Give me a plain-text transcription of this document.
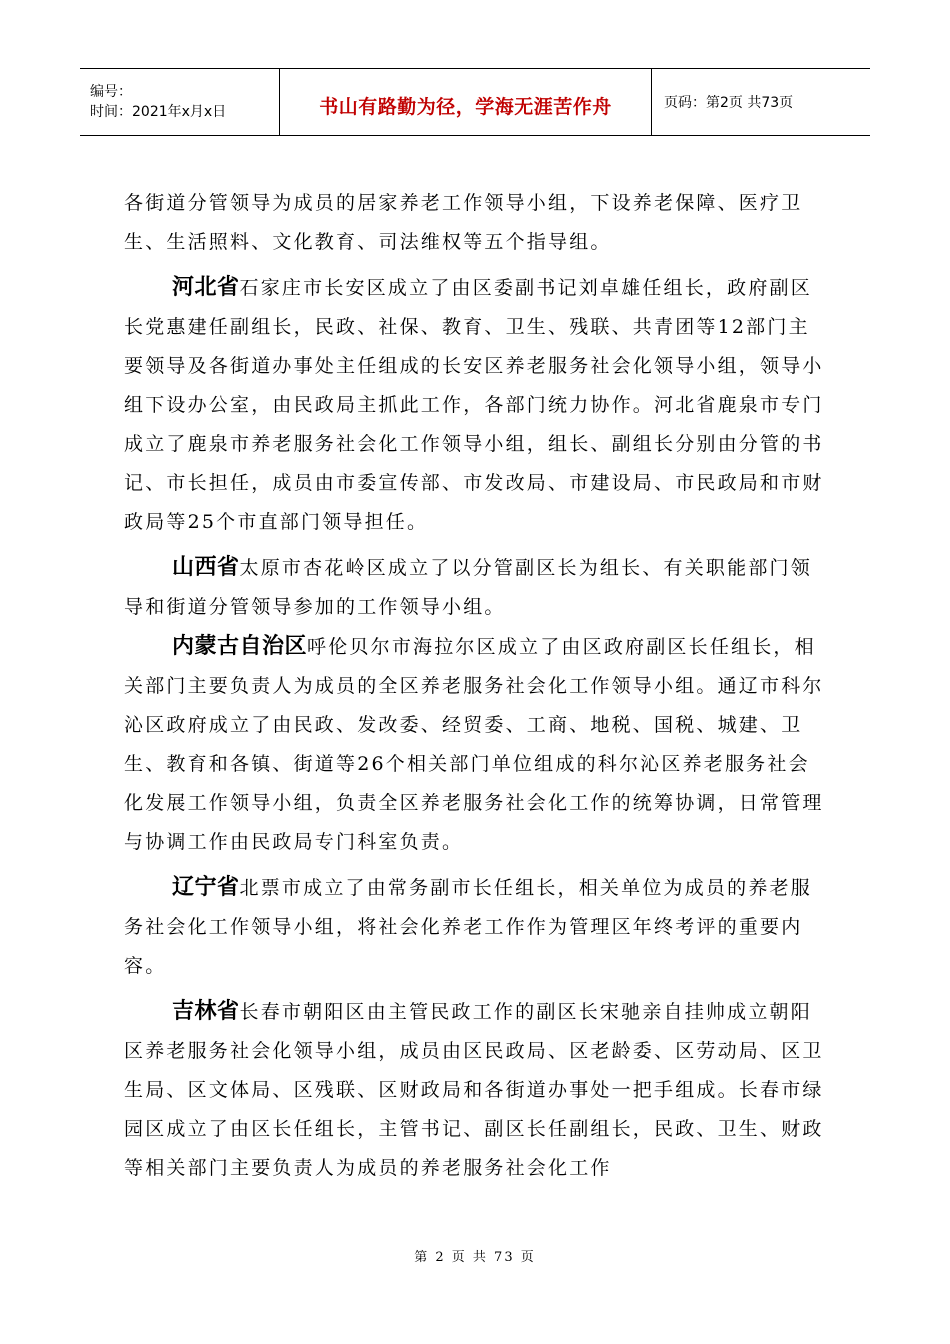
编号：
时间：2021年x月x日	书山有路勤为径，学海无涯苦作舟	页码：第2页 共73页

各街道分管领导为成员的居家养老工作领导小组，下设养老保障、医疗卫生、生活照料、文化教育、司法维权等五个指导组。

河北省石家庄市长安区成立了由区委副书记刘卓雄任组长，政府副区长党惠建任副组长，民政、社保、教育、卫生、残联、共青团等12部门主要领导及各街道办事处主任组成的长安区养老服务社会化领导小组，领导小组下设办公室，由民政局主抓此工作，各部门统力协作。河北省鹿泉市专门成立了鹿泉市养老服务社会化工作领导小组，组长、副组长分别由分管的书记、市长担任，成员由市委宣传部、市发改局、市建设局、市民政局和市财政局等25个市直部门领导担任。

山西省太原市杏花岭区成立了以分管副区长为组长、有关职能部门领导和街道分管领导参加的工作领导小组。

内蒙古自治区呼伦贝尔市海拉尔区成立了由区政府副区长任组长，相关部门主要负责人为成员的全区养老服务社会化工作领导小组。通辽市科尔沁区政府成立了由民政、发改委、经贸委、工商、地税、国税、城建、卫生、教育和各镇、街道等26个相关部门单位组成的科尔沁区养老服务社会化发展工作领导小组，负责全区养老服务社会化工作的统筹协调，日常管理与协调工作由民政局专门科室负责。

辽宁省北票市成立了由常务副市长任组长，相关单位为成员的养老服务社会化工作领导小组，将社会化养老工作作为管理区年终考评的重要内容。

吉林省长春市朝阳区由主管民政工作的副区长宋驰亲自挂帅成立朝阳区养老服务社会化领导小组，成员由区民政局、区老龄委、区劳动局、区卫生局、区文体局、区残联、区财政局和各街道办事处一把手组成。长春市绿园区成立了由区长任组长，主管书记、副区长任副组长，民政、卫生、财政等相关部门主要负责人为成员的养老服务社会化工作

第 2 页 共 73 页
